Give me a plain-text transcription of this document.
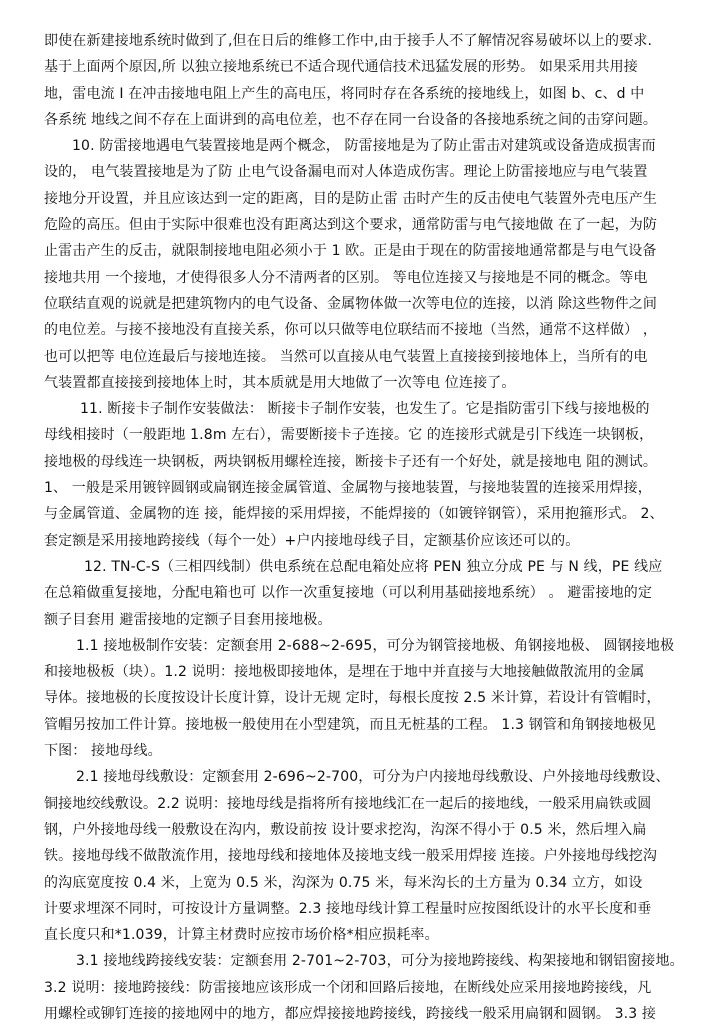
即使在新建接地系统时做到了,但在日后的维修工作中,由于接手人不了解情况容易破坏以上的要求.
基于上面两个原因,所 以独立接地系统已不适合现代通信技术迅猛发展的形势。 如果采用共用接
地，雷电流 I 在冲击接地电阻上产生的高电压，将同时存在各系统的接地线上，如图 b、c、d 中
各系统 地线之间不存在上面讲到的高电位差，也不存在同一台设备的各接地系统之间的击穿问题。
10. 防雷接地遇电气装置接地是两个概念， 防雷接地是为了防止雷击对建筑或设备造成损害而
设的， 电气装置接地是为了防 止电气设备漏电而对人体造成伤害。理论上防雷接地应与电气装置
接地分开设置，并且应该达到一定的距离，目的是防止雷 击时产生的反击使电气装置外壳电压产生
危险的高压。但由于实际中很难也没有距离达到这个要求，通常防雷与电气接地做 在了一起，为防
止雷击产生的反击，就限制接地电阻必须小于 1 欧。正是由于现在的防雷接地通常都是与电气设备
接地共用 一个接地，才使得很多人分不清两者的区别。 等电位连接又与接地是不同的概念。等电
位联结直观的说就是把建筑物内的电气设备、金属物体做一次等电位的连接，以消 除这些物件之间
的电位差。与接不接地没有直接关系，你可以只做等电位联结而不接地（当然，通常不这样做） ，
也可以把等 电位连最后与接地连接。 当然可以直接从电气装置上直接接到接地体上，当所有的电
气装置都直接接到接地体上时，其本质就是用大地做了一次等电 位连接了。
11. 断接卡子制作安装做法： 断接卡子制作安装，也发生了。它是指防雷引下线与接地极的
母线相接时（一般距地 1.8m 左右），需要断接卡子连接。它 的连接形式就是引下线连一块钢板，
接地极的母线连一块钢板，两块钢板用螺栓连接，断接卡子还有一个好处，就是接地电 阻的测试。
1、 一般是采用镀锌圆钢或扁钢连接金属管道、金属物与接地装置，与接地装置的连接采用焊接，
与金属管道、金属物的连 接，能焊接的采用焊接，不能焊接的（如镀锌钢管），采用抱箍形式。 2、
套定额是采用接地跨接线（每个一处）+户内接地母线子目，定额基价应该还可以的。
12. TN-C-S（三相四线制）供电系统在总配电箱处应将 PEN 独立分成 PE 与 N 线，PE 线应
在总箱做重复接地，分配电箱也可 以作一次重复接地（可以利用基础接地系统） 。 避雷接地的定
额子目套用 避雷接地的定额子目套用接地极。
1.1 接地极制作安装：定额套用 2-688~2-695，可分为钢管接地极、角钢接地极、 圆钢接地极
和接地极板（块）。1.2 说明：接地极即接地体，是埋在于地中并直接与大地接触做散流用的金属
导体。接地极的长度按设计长度计算，设计无规 定时，每根长度按 2.5 米计算，若设计有管帽时，
管帽另按加工件计算。接地极一般使用在小型建筑，而且无桩基的工程。 1.3 钢管和角钢接地极见
下图： 接地母线。
2.1 接地母线敷设：定额套用 2-696~2-700，可分为户内接地母线敷设、户外接地母线敷设、
铜接地绞线敷设。2.2 说明：接地母线是指将所有接地线汇在一起后的接地线，一般采用扁铁或圆
钢，户外接地母线一般敷设在沟内，敷设前按 设计要求挖沟，沟深不得小于 0.5 米，然后埋入扁
铁。接地母线不做散流作用，接地母线和接地体及接地支线一般采用焊接 连接。户外接地母线挖沟
的沟底宽度按 0.4 米，上宽为 0.5 米，沟深为 0.75 米，每米沟长的土方量为 0.34 立方，如设
计要求埋深不同时，可按设计方量调整。2.3 接地母线计算工程量时应按图纸设计的水平长度和垂
直长度只和*1.039，计算主材费时应按市场价格*相应损耗率。
3.1 接地线跨接线安装：定额套用 2-701~2-703，可分为接地跨接线、构架接地和钢铝窗接地。
3.2 说明：接地跨接线：防雷接地应该形成一个闭和回路后接地，在断线处应采用接地跨接线，凡
用螺栓或铆钉连接的接地网中的地方，都应焊接接地跨接线，跨接线一般采用扁钢和圆钢。 3.3 接
